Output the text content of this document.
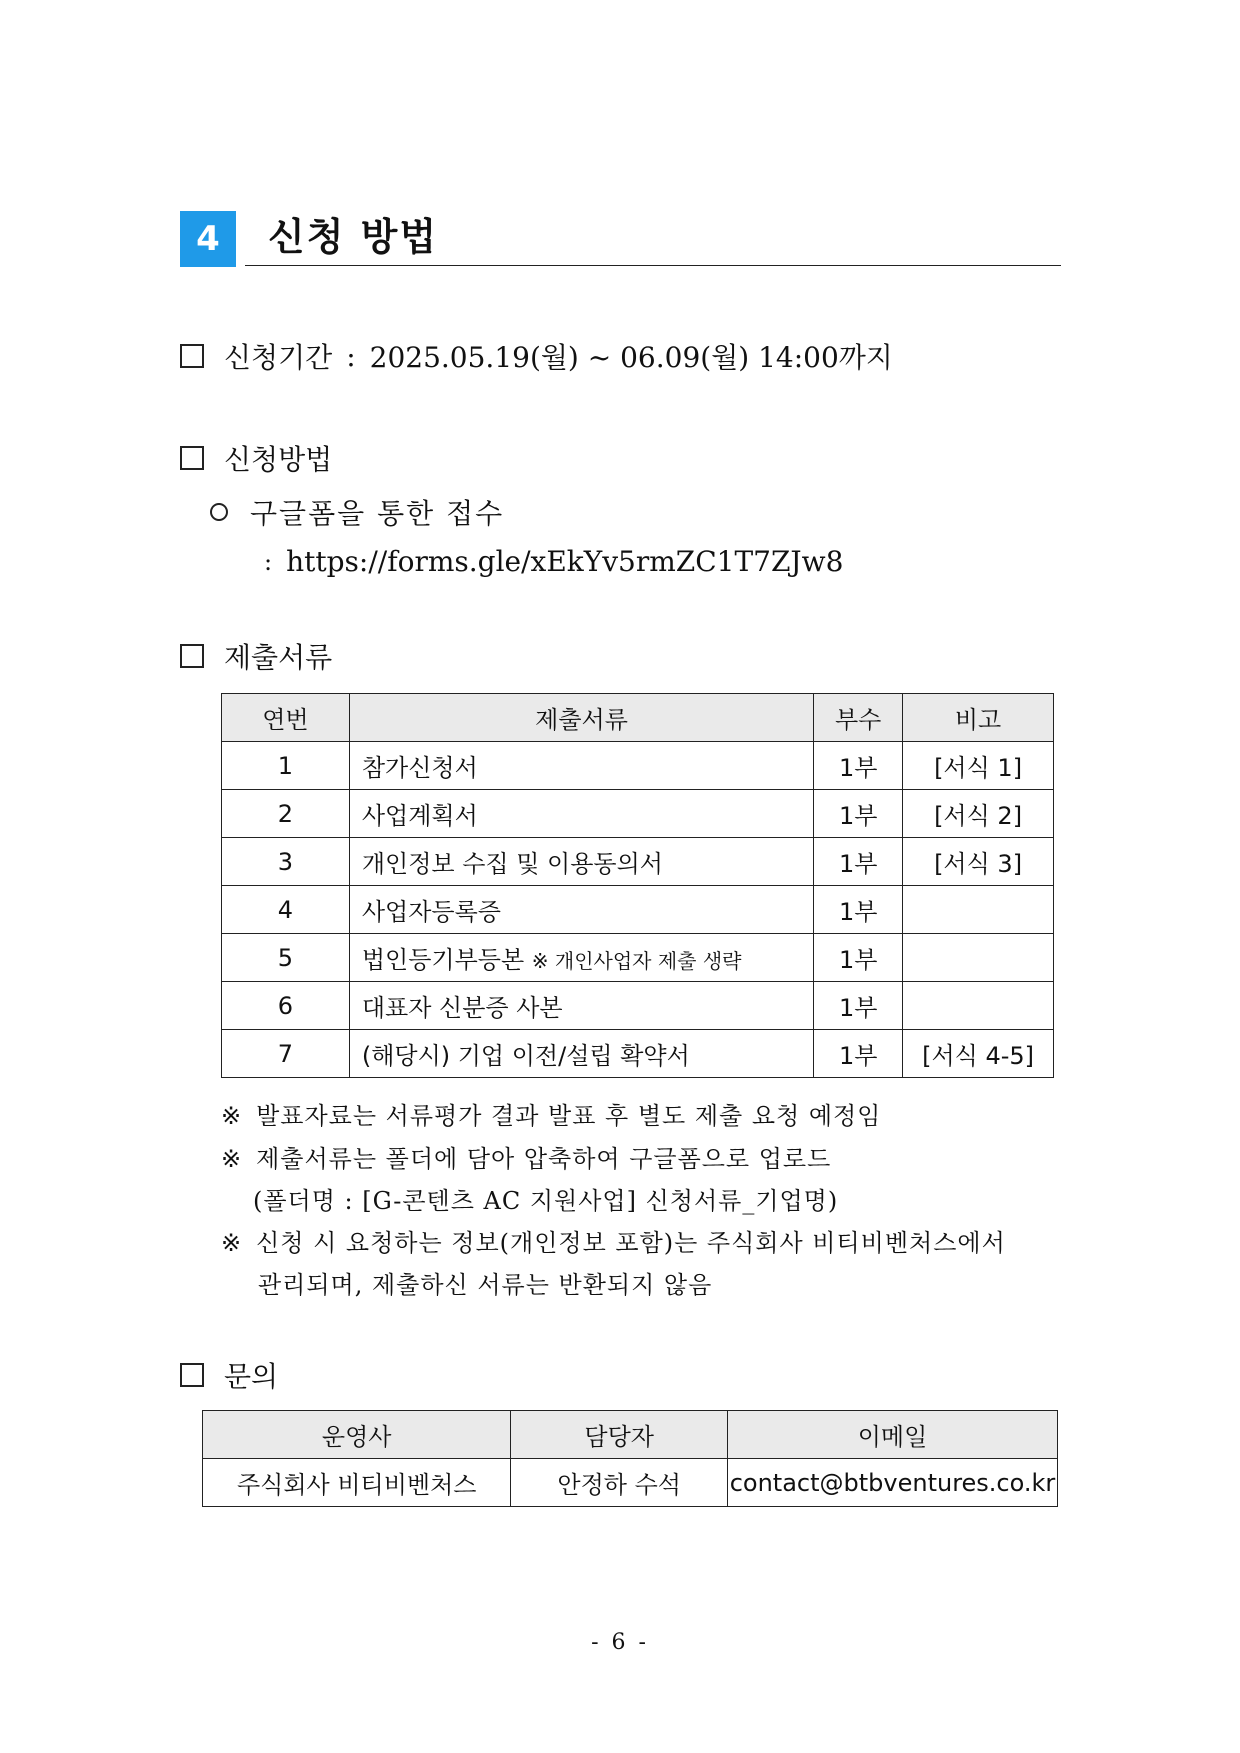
4	신청 방법
신청기간 : 2025.05.19(월) ~ 06.09(월) 14:00까지
신청방법
구글폼을 통한 접수
: https://forms.gle/xEkYv5rmZC1T7ZJw8
제출서류
연번	제출서류	부수	비고
1	참가신청서	1부	[서식 1]
2	사업계획서	1부	[서식 2]
3	개인정보 수집 및 이용동의서	1부	[서식 3]
4	사업자등록증	1부	
5	법인등기부등본 ※ 개인사업자 제출 생략	1부	
6	대표자 신분증 사본	1부	
7	(해당시) 기업 이전/설립 확약서	1부	[서식 4-5]
※ 발표자료는 서류평가 결과 발표 후 별도 제출 요청 예정임
※ 제출서류는 폴더에 담아 압축하여 구글폼으로 업로드
(폴더명 : [G-콘텐츠 AC 지원사업] 신청서류_기업명)
※ 신청 시 요청하는 정보(개인정보 포함)는 주식회사 비티비벤처스에서
관리되며, 제출하신 서류는 반환되지 않음
문의
운영사	담당자	이메일
주식회사 비티비벤처스	안정하 수석	contact@btbventures.co.kr
- 6 -
